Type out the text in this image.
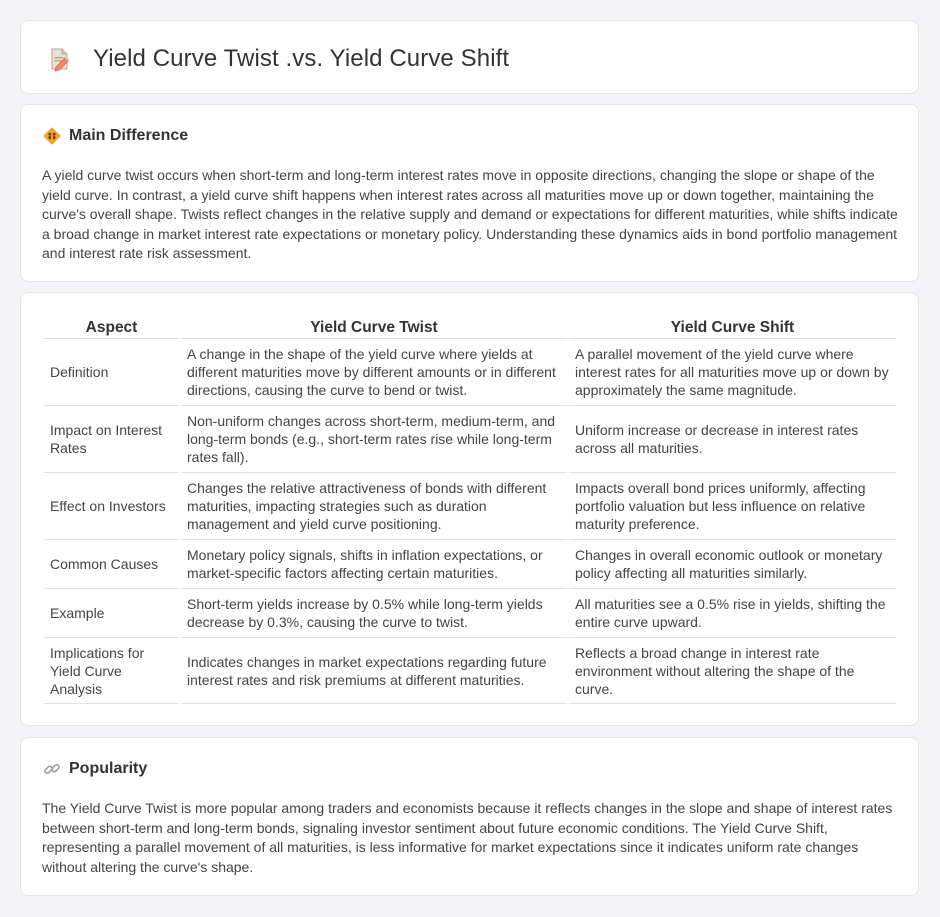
Yield Curve Twist .vs. Yield Curve Shift
Main Difference

A yield curve twist occurs when short-term and long-term interest rates move in opposite directions, changing the slope or shape of the yield curve. In contrast, a yield curve shift happens when interest rates across all maturities move up or down together, maintaining the curve's overall shape. Twists reflect changes in the relative supply and demand or expectations for different maturities, while shifts indicate a broad change in market interest rate expectations or monetary policy. Understanding these dynamics aids in bond portfolio management and interest rate risk assessment.

Aspect	Yield Curve Twist	Yield Curve Shift
Definition	A change in the shape of the yield curve where yields at different maturities move by different amounts or in different directions, causing the curve to bend or twist.	A parallel movement of the yield curve where interest rates for all maturities move up or down by approximately the same magnitude.
Impact on Interest Rates	Non-uniform changes across short-term, medium-term, and long-term bonds (e.g., short-term rates rise while long-term rates fall).	Uniform increase or decrease in interest rates across all maturities.
Effect on Investors	Changes the relative attractiveness of bonds with different maturities, impacting strategies such as duration management and yield curve positioning.	Impacts overall bond prices uniformly, affecting portfolio valuation but less influence on relative maturity preference.
Common Causes	Monetary policy signals, shifts in inflation expectations, or market-specific factors affecting certain maturities.	Changes in overall economic outlook or monetary policy affecting all maturities similarly.
Example	Short-term yields increase by 0.5% while long-term yields decrease by 0.3%, causing the curve to twist.	All maturities see a 0.5% rise in yields, shifting the entire curve upward.
Implications for Yield Curve Analysis	Indicates changes in market expectations regarding future interest rates and risk premiums at different maturities.	Reflects a broad change in interest rate environment without altering the shape of the curve.
Popularity

The Yield Curve Twist is more popular among traders and economists because it reflects changes in the slope and shape of interest rates between short-term and long-term bonds, signaling investor sentiment about future economic conditions. The Yield Curve Shift, representing a parallel movement of all maturities, is less informative for market expectations since it indicates uniform rate changes without altering the curve's shape.
